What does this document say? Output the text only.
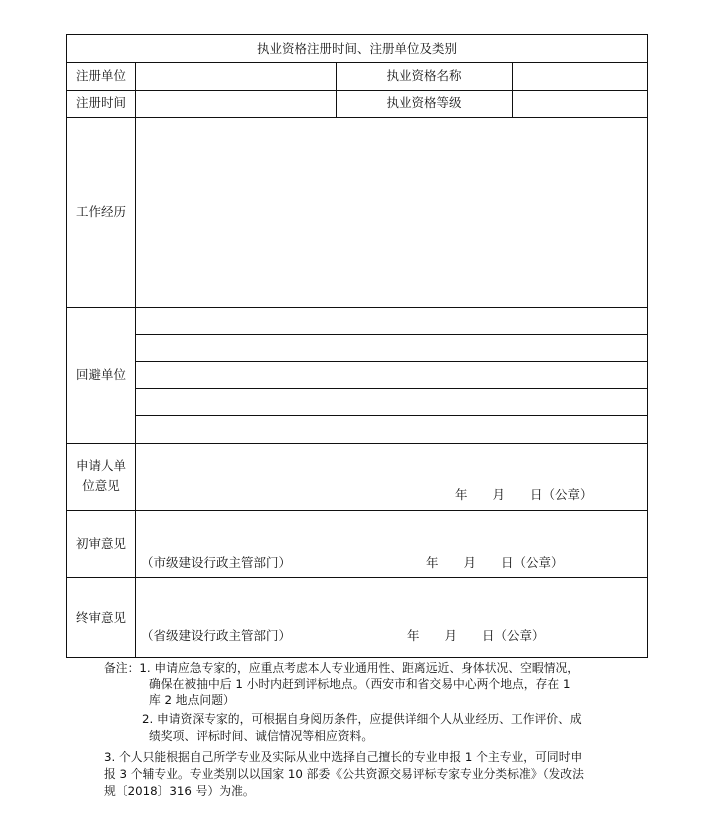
执业资格注册时间、注册单位及类别
注册单位	执业资格名称
注册时间	执业资格等级
工作经历
回避单位
申请人单
位意见
年　　月　　日（公章）
初审意见
（市级建设行政主管部门）	年　　月　　日（公章）
终审意见
（省级建设行政主管部门）	年　　月　　日（公章）
备注：1. 申请应急专家的，应重点考虑本人专业通用性、距离远近、身体状况、空暇情况，
确保在被抽中后 1 小时内赶到评标地点。（西安市和省交易中心两个地点，存在 1
库 2 地点问题）
2. 申请资深专家的，可根据自身阅历条件，应提供详细个人从业经历、工作评价、成
绩奖项、评标时间、诚信情况等相应资料。
3. 个人只能根据自己所学专业及实际从业中选择自己擅长的专业申报 1 个主专业，可同时申
报 3 个辅专业。专业类别以以国家 10 部委《公共资源交易评标专家专业分类标准》（发改法
规〔2018〕316 号）为准。
